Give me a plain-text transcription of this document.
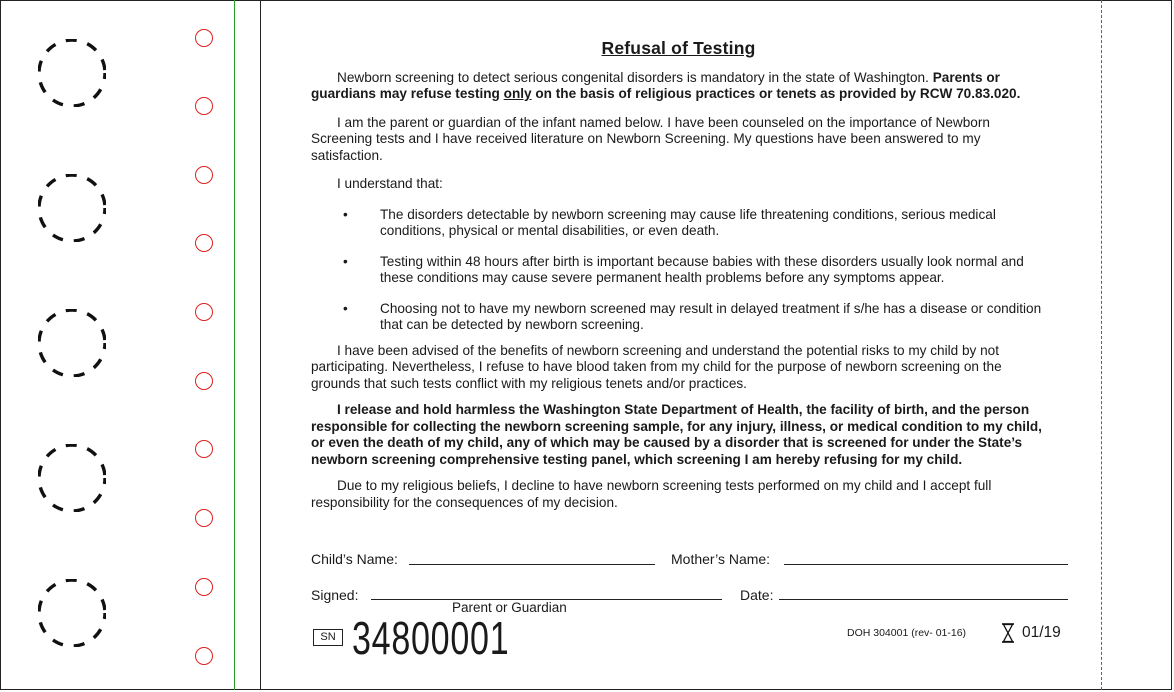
Refusal of Testing

Newborn screening to detect serious congenital disorders is mandatory in the state of Washington. Parents or guardians may refuse testing only on the basis of religious practices or tenets as provided by RCW 70.83.020.

I am the parent or guardian of the infant named below. I have been counseled on the importance of Newborn Screening tests and I have received literature on Newborn Screening. My questions have been answered to my satisfaction.

I understand that:

• The disorders detectable by newborn screening may cause life threatening conditions, serious medical conditions, physical or mental disabilities, or even death.
• Testing within 48 hours after birth is important because babies with these disorders usually look normal and these conditions may cause severe permanent health problems before any symptoms appear.
• Choosing not to have my newborn screened may result in delayed treatment if s/he has a disease or condition that can be detected by newborn screening.

I have been advised of the benefits of newborn screening and understand the potential risks to my child by not participating. Nevertheless, I refuse to have blood taken from my child for the purpose of newborn screening on the grounds that such tests conflict with my religious tenets and/or practices.

I release and hold harmless the Washington State Department of Health, the facility of birth, and the person responsible for collecting the newborn screening sample, for any injury, illness, or medical condition to my child, or even the death of my child, any of which may be caused by a disorder that is screened for under the State’s newborn screening comprehensive testing panel, which screening I am hereby refusing for my child.

Due to my religious beliefs, I decline to have newborn screening tests performed on my child and I accept full responsibility for the consequences of my decision.

Child’s Name:	Mother’s Name:
Signed:
Parent or Guardian
Date:
SN 34800001	DOH 304001 (rev- 01-16)	01/19
